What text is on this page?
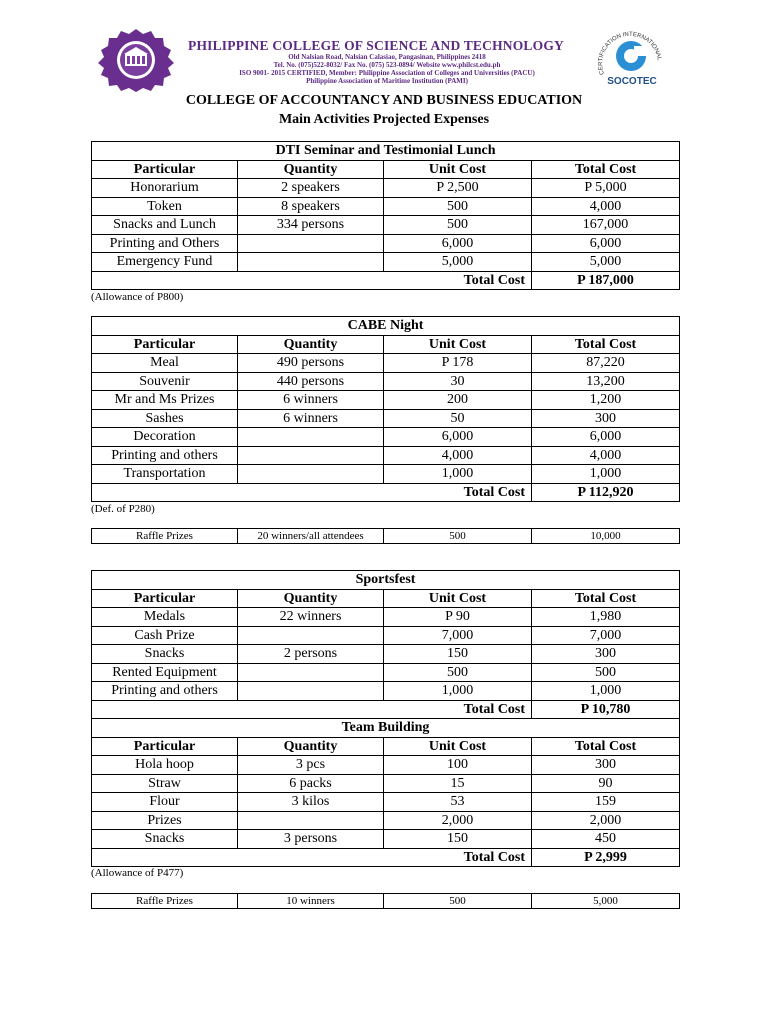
PHILIPPINE COLLEGE OF SCIENCE AND TECHNOLOGY
Old Nalsian Road, Nalsian Calasiao, Pangasinan, Philippines 2418
Tel. No. (075)522-8032/ Fax No. (075) 523-0894/ Website www.philcst.edu.ph
ISO 9001- 2015 CERTIFIED, Member: Philippine Association of Colleges and Universities (PACU)
Philippine Association of Maritime Institution (PAMI)
CERTIFICATION INTERNATIONAL
SOCOTEC
COLLEGE OF ACCOUNTANCY AND BUSINESS EDUCATION
Main Activities Projected Expenses
DTI Seminar and Testimonial Lunch			
Particular	Quantity	Unit Cost	Total Cost
Honorarium	2 speakers	P 2,500	P 5,000
Token	8 speakers	500	4,000
Snacks and Lunch	334 persons	500	167,000
Printing and Others		6,000	6,000
Emergency Fund		5,000	5,000
		Total Cost	P 187,000
(Allowance of P800)
CABE Night			
Particular	Quantity	Unit Cost	Total Cost
Meal	490 persons	P 178	87,220
Souvenir	440 persons	30	13,200
Mr and Ms Prizes	6 winners	200	1,200
Sashes	6 winners	50	300
Decoration		6,000	6,000
Printing and others		4,000	4,000
Transportation		1,000	1,000
		Total Cost	P 112,920
(Def. of P280)
Raffle Prizes	20 winners/all attendees	500	10,000
Sportsfest			
Particular	Quantity	Unit Cost	Total Cost
Medals	22 winners	P 90	1,980
Cash Prize		7,000	7,000
Snacks	2 persons	150	300
Rented Equipment		500	500
Printing and others		1,000	1,000
		Total Cost	P 10,780
Team Building			
Particular	Quantity	Unit Cost	Total Cost
Hola hoop	3 pcs	100	300
Straw	6 packs	15	90
Flour	3 kilos	53	159
Prizes		2,000	2,000
Snacks	3 persons	150	450
		Total Cost	P 2,999
(Allowance of P477)
Raffle Prizes	10 winners	500	5,000
